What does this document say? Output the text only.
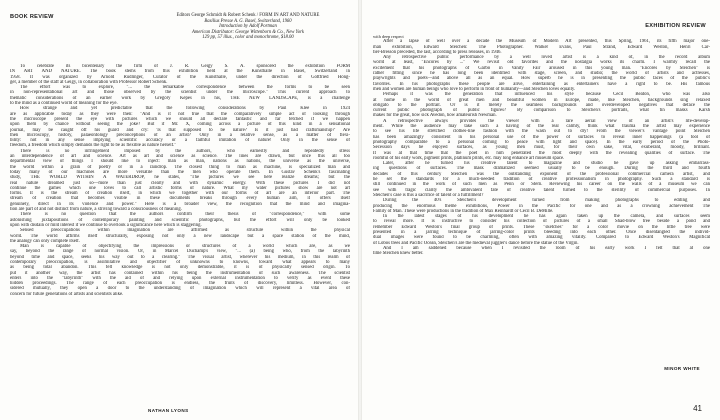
BOOK REVIEW	Editors George Schmidt & Robert Schenk / FORM IN ART AND NATURE
Basilius Presse A. G. Basel, Switzerland, 1960
Introduction by Adolf Portman
American Distributor: George Wittenborn & Co., New York
129 pp, 57 illus., color and monochrome, $18.00
To celebrate its bicentenary the firm of J. R. Geigy S. A. sponsored the exhibition FORM
IN ART AND NATURE. The book stems from this exhibition held at the Kunsthalle in Basel, Switzerland in
1958. It was organized by Arnold Rudlinger, Curator of the Kunsthalle, under the direction of Gottfried Hong-
ger, a member of the staff at Geigy, in collaboration with Professor Robert Schenk.
The effort was to explore, "... the remarkable correspondence between the forms to be seen
in non-representational art and those observed by the scientist under the microscope." This current approach to
thematic considerations of an earlier work by Gregory Kepes in his, THE NEW LANDSCAPE, is a challenge
to the mind as a continued world of meaning for the eye.
How strange and yet predictable that the following considerations by Paul Klee in 1924
are as applicable today as they were then: "And is it not true that the comparatively simple act of looking through
the microscope present the eye with pictures which we should all declare fantastic and far fetched if we happen
upon them by chance without seeing the joke? But if Mr. X, coming across a picture of this kind in a sensational
journal, may be caught off his guard and cry: 'Is that supposed to be nature? Is it just bad craftsmanship?' Are
then microscopy, history, palaeontology preconceptions of an artist? Only in a relative sense, as a matter of flexi-
bility: not in any sense implying scientific accuracy or a faithful imitation of nature! Only in the sense of
freedom, a freedom which simply demands the right to be as flexible as nature herself."
There is no infringement imposed by the authors, who earnestly and repeatedly stress
an interdependence of art and science. Art as art and science as science. The lines are drawn, but once this all too
departmental view of things I should like to inject: man as man, nations as nations, the universe as the universe,
the world within a grain of poetry or in a raindrop. The closest thing to man as machine, is specialized man and
today many of our machines are more versatile than the men who operate them. In Gustav Schenk's fascinating
study, THE WORLD WITHIN A WATERDROP, he states, "The pictures we see here realize dreams; but the
real nature dreamed just so—more than just clearly and with dynamic energy. With these pictures I did not
continue the games which one loves to call artistic forms of nature. What my water pictures show are not art
forms. It is the stream of creation itself, in which we together with our forms of art are an inferior part. The
stream of creation that becomes visible in these documents breaks through every human aim, it offers itself
genuinely, direct in its violence and power." Here is a broader view, the recognition that the mind and imagina-
tion are part of and not distinct from nature, a striving toward a consciousness of meaning.
There is no question that the authors confirm their thesis of "correspondence," with some
astonishing juxtapositions of contemporary painting and scientific photographs, but the effort will only be looked
upon with disdain or mild interest if we continue to overlook a significance here which is staggering.
Sensed preoccupations within imagination are affirmed as structure within the physical
world. The world affirms itself structurally, exposing not only a new landscape but a space station of the mind,
the analogy can only complete itself.
Man is capable of objectifying the impressions or structures of a world which are, as we
say, beyond the range of normal vision. Or, in Marcel Duchamp's view, "... (a) being who, from the labyrinth
beyond time and space, seeks his way out to a clearing." The visual artist, wherever his medium, in this realm of
contemporary preoccupation, is assimilative and objectifier of unknowns to knowns, toward what appears to many
as being total abandon. This felt knowledge is not only demonstrable, it is of physically sensed origin. To
put it another way, the artist has contained within his being the instrumentation of such awareness. The scientist
enters into the "labyrinth" with the aid of and relying upon external instrumentation to verify as event these
hidden proceedings. The range of each preoccupation is endless, the fruits of discovery, limitless. However, con-
sidered mutually, they open a door to the understanding of imagination which will represent a vital area of
concern for future generations of artists and scientists alike.
NATHAN LYONS
EXHIBITION REVIEW
with deep respect
After a lapse of well over a decade the Museum of Modern Art presented, this Spring, 1961, its fifth major one-
man exhibition, Edward Steichen: The Photographer. Walker Evans, Paul Strand, Edward Weston, Henri Car-
tier-Bresson preceded, the last, according to press releases, in 1946.
Any retrospective public performance by a well loved artist is a kind of, in the record album
world at least, "Encores by ..." We revisit old favorites and the nostalgia works its charm. I warmly recall the
excitement that his photographs of Garbo in Vanity Fair aroused in this young man. "Encores by Steichen" is
rather fitting since he has long been identified with stage, screen, and studio; the world of artists and actresses,
playwrights and poets—and above all as an equal. How superb he is in presenting the public faces of the public's
favorites. In his photographs these people are alive, entertaining as entertainers have a right to be. His famous
men and women are human beings who love to perform in front of humanity—and Steichen loves equally.
Perhaps it was the generation that influenced his style because Cecil Beaton, who was also
at home in the world of great men and beautiful women in Europe, made, like Steichen, backgrounds sing relaxed
obligato to the portrait. Or is it merely the seamless backgrounds and overdeveloped negatives that deface the
current public photograph of public figures? By comparison to Steichen's portraits, what tin masks Karsh
makes for the great, how sick Avedon, how amateurish Newman.
A retrospective always provides the viewer with a rare aerial view of an artist's life-develop-
ment. While the audience may take such a having of the real calmly, think what trauma the artist may experience
to see his life stretched clothes-line fashion with the wash out to dry! From the viewer's vantage point Steichen
has been amazingly consistent in his personal use of the power of surfaces to reveal inner happenings (a tool of
photography comparable to a personal coming to peace with light and space). In the early period of the Photo-
Secession days he enjoyed surfaces, as young men must, for their own sake, vital, exuberant, moody, brilliant.
It was at that time that the poet in him penetrated the most deeply with the revealing qualities of surface. The
roomful of his early work, pigment prints, platinum prints, etc. may long enhance art museum space.
Later, after he turned his creative talent to magazine and studio he gave up asking embarrass-
ing questions of surfaces. The mask dramatized seemed usually to be enough. During the third and fourth
decades of this century Steichen was the outstanding exponent of the professional commercial camera artist, and
he set the standards for a much-needed tradition of creative professionalism in photography. Such a standard is
still continued in the work of such men as Penn or Stern. Reviewing his career on the walls of a museum we can
see with tragic clarity the ambivalent fate of creative talent turned to the sterility of commercial purposes. In
Steichen's case is this a sacrifice of talent or a fulfillment?
During the 40's Steichen's development turned from making photographs to editing and
producing the enormous theme exhibitions, Power in the Pacific for one and as a crowning achievement The
Family of Man. These were productions in the tradition of Max Reinhardt or Cecil B. DeMille.
In the latest stages of his development he has again taken up the camera, and surfaces seem
to reveal more. It is instructive to consider his collection of pictures of a small Shad-blow tree beside a pond and
remember Edward Weston's final group of prints. These "sketches" for a color movie on the little tree were
presented in a jarring technique of jarring-color prints bleeding into each other. Once disentangled the individ-
dual images were found to be charming, often with amazing vitality. Compared to Edward Weston's Magnificat
of Lobos trees and Pacific Ocean, Steichen's are the medieval juggler's dance before the statue of the Virgin.
And I am saddened because when I revisited the room of his early work I felt that at one
time Steichen knew better.
MINOR WHITE
41
